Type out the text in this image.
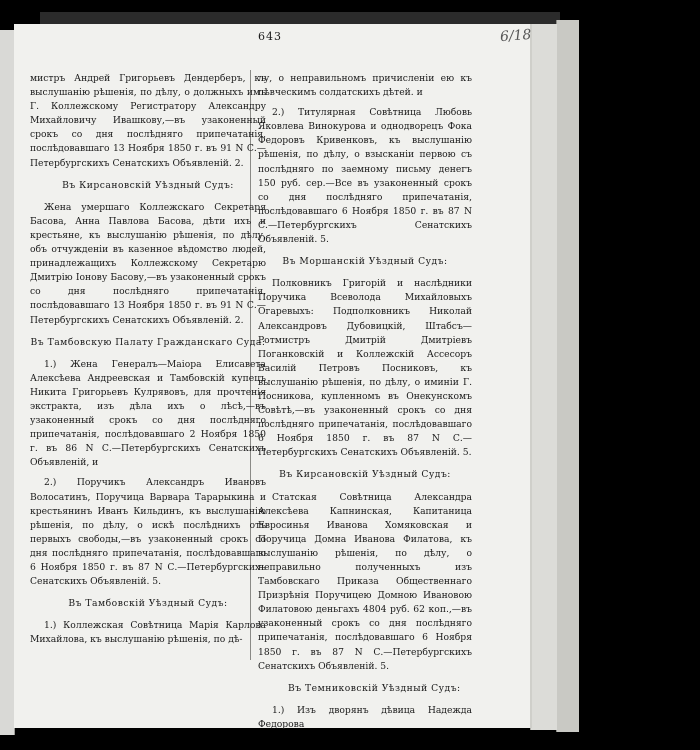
643	6/18

мистръ Андрей Григорьевъ Дендерберъ, къ выслушанію рѣшенія, по дѣлу, о должныхъ имъ Г. Коллежскому Регистратору Александру Михайловичу Ивашкову,—въ узаконенный срокъ со дня послѣдняго припечатанія, послѣдовавшаго 13 Ноября 1850 г. въ 91 N С.—Петербургскихъ Сенатскихъ Объявленій. 2.

Въ Кирсановскій Уѣздный Судъ:

Жена умершаго Коллежскаго Секретаря Басова, Анна Павлова Басова, дѣти ихъ и крестьяне, къ выслушанію рѣшенія, по дѣлу, объ отчужденіи въ казенное вѣдомство людей, принадлежащихъ Коллежскому Секретарю Дмитрію Іонову Басову,—въ узаконенный срокъ со дня послѣдняго припечатанія, послѣдовавшаго 13 Ноября 1850 г. въ 91 N С.—Петербургскихъ Сенатскихъ Объявленій. 2.

Въ Тамбовскую Палату Гражданскаго Суда:

1.) Жена Генералъ—Маіора Елисавета Алексѣева Андреевская и Тамбовскій купецъ Никита Григорьевъ Кулрявовъ, для прочтенія экстракта, изъ дѣла ихъ о лѣсѣ,—въ узаконенный срокъ со дня послѣдняго припечатанія, послѣдовавшаго 2 Ноября 1850 г. въ 86 N С.—Петербургскихъ Сенатскихъ Объявленій, и

2.) Поручикъ Александръ Ивановъ Волосатинъ, Поручица Варвара Тарарыкина и крестьянинъ Иванъ Кильдинъ, къ выслушанію рѣшенія, по дѣлу, о искѣ послѣднихъ отъ первыхъ свободы,—въ узаконенный срокъ со дня послѣдняго припечатанія, послѣдовавшаго 6 Ноября 1850 г. въ 87 N С.—Петербургскихъ Сенатскихъ Объявленій. 5.

Въ Тамбовскій Уѣздный Судъ:

1.) Коллежская Совѣтница Марія Карлова Михайлова, къ выслушанію рѣшенія, по дѣ-

лу, о неправильномъ причисленіи ею къ пѣвческимъ солдатскихъ дѣтей. и

2.) Титулярная Совѣтница Любовь Яковлева Винокурова и однодворецъ Фока Федоровъ Кривенковъ, къ выслушанію рѣшенія, по дѣлу, о взысканіи первою съ послѣдняго по заемному письму денегъ 150 руб. сер.—Все въ узаконенный срокъ со дня послѣдняго припечатанія, послѣдовавшаго 6 Ноября 1850 г. въ 87 N С.—Петербургскихъ Сенатскихъ Объявленій. 5.

Въ Моршанскій Уѣздный Судъ:

Полковникъ Григорій и наслѣдники Поручика Всеволода Михайловыхъ Огаревыхъ: Подполковникъ Николай Александровъ Дубовицкій, Штабсъ—Ротмистръ Дмитрій Дмитріевъ Поганковскій и Коллежскій Ассесоръ Василій Петровъ Посниковъ, къ выслушанію рѣшенія, по дѣлу, о иминіи Г. Посникова, купленномъ въ Онекунскомъ Совѣтѣ,—въ узаконенный срокъ со дня послѣдняго припечатанія, послѣдовавшаго 6 Ноября 1850 г. въ 87 N С.—Петербургскихъ Сенатскихъ Объявленій. 5.

Въ Кирсановскій Уѣздный Судъ:

Статская Совѣтница Александра Алексѣева Капнинская, Капитаница Евросинья Иванова Хомяковская и Поручица Домна Иванова Филатова, къ выслушанію рѣшенія, по дѣлу, о неправильно полученныхъ изъ Тамбовскаго Приказа Общественнаго Призрѣнія Поручицею Домною Ивановою Филатовою деньгахъ 4804 руб. 62 коп.,—въ узаконенный срокъ со дня послѣдняго припечатанія, послѣдовавшаго 6 Ноября 1850 г. въ 87 N С.—Петербургскихъ Сенатскихъ Объявленій. 5.

Въ Темниковскій Уѣздный Судъ:

1.) Изъ дворянъ дѣвица Надежда Федорова
